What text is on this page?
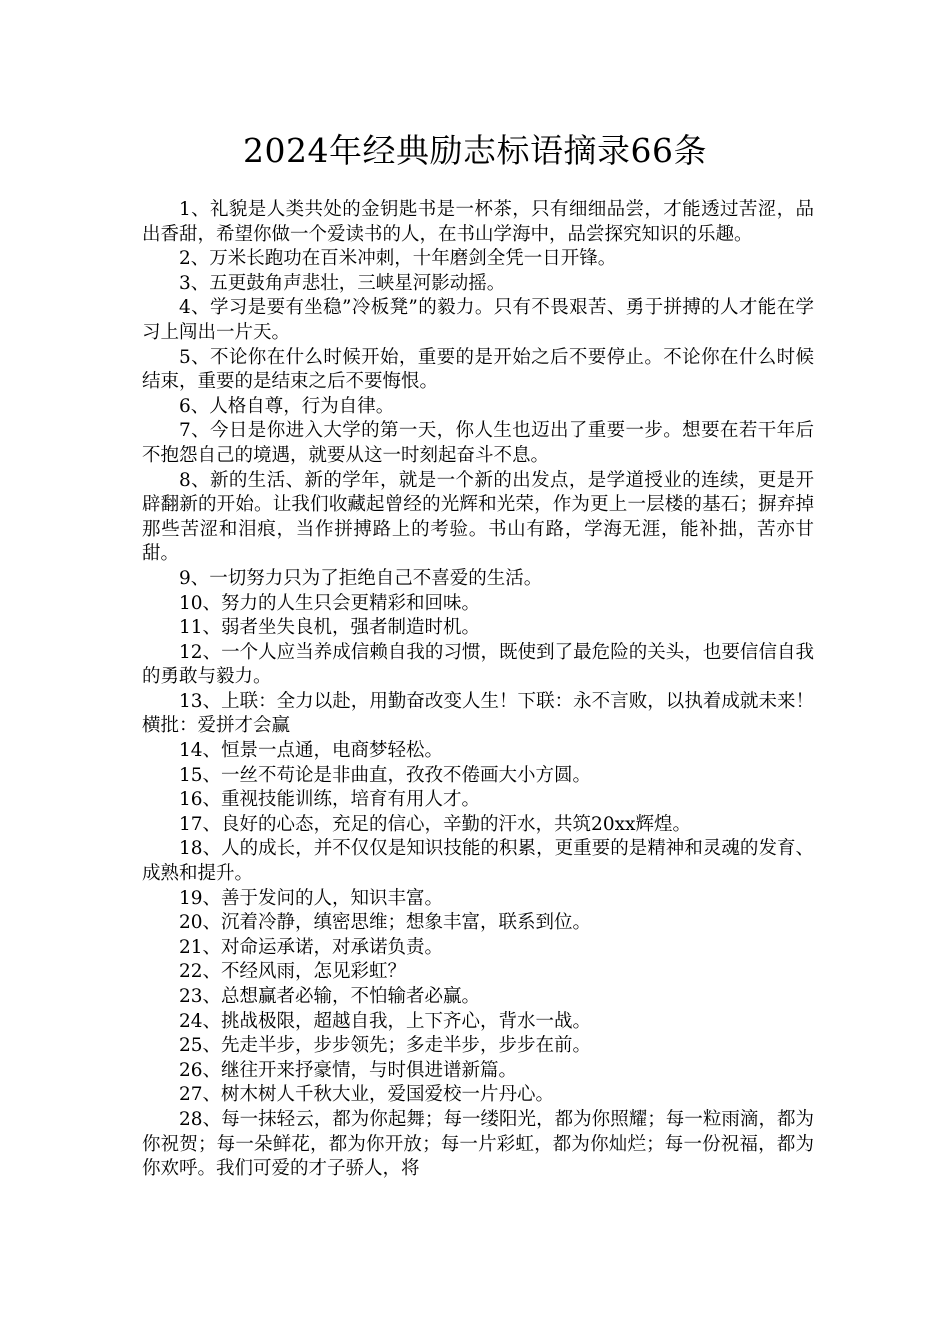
2024年经典励志标语摘录66条

1、礼貌是人类共处的金钥匙书是一杯茶，只有细细品尝，才能透过苦涩，品出香甜，希望你做一个爱读书的人，在书山学海中，品尝探究知识的乐趣。

2、万米长跑功在百米冲刺，十年磨剑全凭一日开锋。

3、五更鼓角声悲壮，三峡星河影动摇。

4、学习是要有坐稳”冷板凳”的毅力。只有不畏艰苦、勇于拼搏的人才能在学习上闯出一片天。

5、不论你在什么时候开始，重要的是开始之后不要停止。不论你在什么时候结束，重要的是结束之后不要悔恨。

6、人格自尊，行为自律。

7、今日是你进入大学的第一天，你人生也迈出了重要一步。想要在若干年后不抱怨自己的境遇，就要从这一时刻起奋斗不息。

8、新的生活、新的学年，就是一个新的出发点，是学道授业的连续，更是开辟翻新的开始。让我们收藏起曾经的光辉和光荣，作为更上一层楼的基石；摒弃掉那些苦涩和泪痕，当作拼搏路上的考验。书山有路，学海无涯，能补拙，苦亦甘甜。

9、一切努力只为了拒绝自己不喜爱的生活。

10、努力的人生只会更精彩和回味。

11、弱者坐失良机，强者制造时机。

12、一个人应当养成信赖自我的习惯，既使到了最危险的关头，也要信信自我的勇敢与毅力。

13、上联：全力以赴，用勤奋改变人生！下联：永不言败，以执着成就未来！横批：爱拼才会赢

14、恒景一点通，电商梦轻松。

15、一丝不苟论是非曲直，孜孜不倦画大小方圆。

16、重视技能训练，培育有用人才。

17、良好的心态，充足的信心，辛勤的汗水，共筑20xx辉煌。

18、人的成长，并不仅仅是知识技能的积累，更重要的是精神和灵魂的发育、成熟和提升。

19、善于发问的人，知识丰富。

20、沉着冷静，缜密思维；想象丰富，联系到位。

21、对命运承诺，对承诺负责。

22、不经风雨，怎见彩虹？

23、总想赢者必输，不怕输者必赢。

24、挑战极限，超越自我，上下齐心，背水一战。

25、先走半步，步步领先；多走半步，步步在前。

26、继往开来抒豪情，与时俱进谱新篇。

27、树木树人千秋大业，爱国爱校一片丹心。

28、每一抹轻云，都为你起舞；每一缕阳光，都为你照耀；每一粒雨滴，都为你祝贺；每一朵鲜花，都为你开放；每一片彩虹，都为你灿烂；每一份祝福，都为你欢呼。我们可爱的才子骄人，将
